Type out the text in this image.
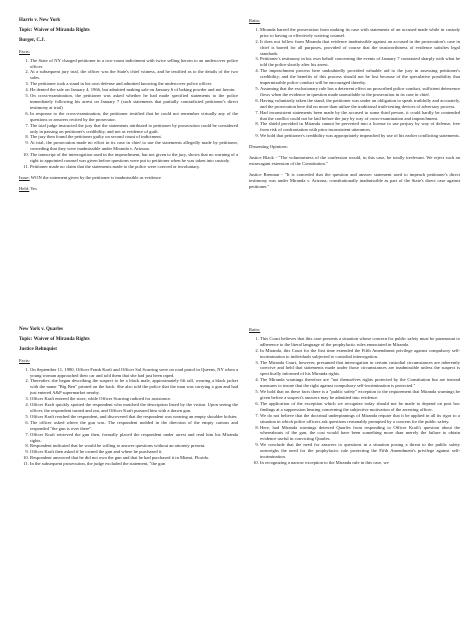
Harris v. New York
Topic: Waiver of Miranda Rights
Burger, C.J.
Facts:
1. The State of NY charged petitioner in a two-count indictment with twice selling heroin to an undercover police officer.
2. At a subsequent jury trial, the officer was the State's chief witness, and he testified as to the details of the two sales.
3. The petitioner took a stand in his own defense and admitted knowing the undercover police officer.
4. He denied the sale on January 4, 1966, but admitted making sale on January 6 of baking powder and not heroin.
5. On cross-examination, the petitioner was asked whether he had made specified statements to the police immediately following his arrest on January 7 (such statements that partially contradicted petitioner's direct testimony at trial)
6. In response to the cross-examination, the petitioner testified that he could not remember virtually any of the questions or answers recited by the prosecutor.
7. The trial judge instructed the jury that the statements attributed to petitioner by prosecution could be considered only in passing on petitioner's credibility, and not as evidence of guilt.
8. The jury then found the petitioner guilty on second count of indictment.
9. At trial, the prosecution made no effort in its case in chief to use the statements allegedly made by petitioner, conceding that they were inadmissible under Miranda v. Arizona.
10. The transcript of the interrogation used in the impeachment, but not given to the jury, shows that no warning of a right to appointed counsel was given before questions were put to petitioner when he was taken into custody.
11. Petitioner made no claim that the statements made to the police were coerced or involuntary.
Issue: WON the statement given by the petitioner is inadmissible as evidence
Held: Yes
Ratio:
1. Miranda barred the prosecution from making its case with statements of an accused made while in custody prior to having or effectively waiving counsel.
2. It does not follow from Miranda that evidence inadmissible against an accused in the prosecution's case in chief is barred for all purposes, provided of course that the trustworthiness of evidence satisfies legal standards.
3. Petitioner's testimony in his own behalf concerning the events of January 7 contrasted sharply with what he told the police shortly after his arrest.
4. The impeachment process here undoubtedly provided valuable aid to the jury in assessing petitioner's credibility, and the benefits of this process should not be lost because of the speculative possibility that impermissible police conduct will be encouraged thereby.
5. Assuming that the exclusionary rule has a deterrent effect on proscribed police conduct, sufficient deterrence flows when the evidence in question made unavailable to the prosecution in its case in chief.
6. Having voluntarily taken the stand, the petitioner was under an obligation to speak truthfully and accurately, and the prosecution here did no more than utilize the traditional truth-testing devices of adversary process.
7. Had inconsistent statements been made by the accused to some third person, it could hardly be contended that the conflict could not be laid before the jury by way of cross-examination and impeachment.
8. The shield provided in Miranda cannot be perverted into a license to use perjury by way of defense, free from risk of confrontation with prior inconsistent utterances.
9. We hold that petitioner's credibility was appropriately impeached by use of his earlier conflicting statements.
Dissenting Opinions:
Justice Black - "The voluntariness of the confession would, in this case, be totally irrelevant. We reject such an extravagant extension of the Constitution."
Justice Brennan - "It is conceded that the question and answer statement used to impeach petitioner's direct testimony was under Miranda v. Arizona, constitutionally inadmissible as part of the State's direct case against petitioner."
New York v. Quarles
Topic: Waiver of Miranda Rights
Justice Rehnquist
Facts:
1. On September 11, 1980, Officer Frank Kraft and Officer Sal Scarring were on road patrol in Queens, NY when a young woman approached their car and told them that she had just been raped.
2. Thereafter, she began describing the suspect to be a black male, approximately 6ft tall, wearing a black jacket with the name "Big Ben" printed on the back. She also told the police that the man was carrying a gun and had just entered A&P supermarket nearby.
3. Officer Kraft entered the store, while Officer Scarring radioed for assistance.
4. Officer Kraft quickly spotted the respondent who matched the description listed by the victim. Upon seeing the officer, the respondent turned and ran, and Officer Kraft pursued him with a drawn gun.
5. Officer Kraft reached the respondent, and discovered that the respondent was wearing an empty shoulder holster.
6. The officer asked where the gun was. The respondent nodded in the direction of the empty cartons and responded "the gun is over there".
7. Officer Kraft retrieved the gun then, formally placed the respondent under arrest and read him his Miranda rights.
8. Respondent indicated that he would be willing to answer questions without an attorney present.
9. Officer Kraft then asked if he owned the gun and where he purchased it.
10. Respondent answered that he did not own the gun and that he had purchased it in Miami, Florida.
11. In the subsequent prosecution, the judge excluded the statement, "the gun
Ratio:
1. This Court believes that this case presents a situation whose concern for public safety must be paramount to adherence to the literal language of the prophylactic rules enunciated in Miranda.
2. In Miranda, this Court for the first time extended the Fifth Amendment privilege against compulsory self-incrimination to individuals subjected to custodial interrogation.
3. The Miranda Court, however, presumed that interrogation in certain custodial circumstances are inherently coercive and held that statements made under those circumstances are inadmissible unless the suspect is specifically informed of his Miranda rights.
4. The Miranda warnings therefore are "not themselves rights protected by the Constitution but are instead measures to insure that the right against compulsory self-incrimination is protected."
5. We hold that on these facts there is a "public safety" exception to the requirement that Miranda warnings be given before a suspect's answers may be admitted into evidence.
6. The application of the exception which we recognize today should not be made to depend on post hoc findings at a suppression hearing concerning the subjective motivation of the arresting officer.
7. We do not believe that the doctrinal underpinnings of Miranda require that it be applied in all its rigor to a situation in which police officers ask questions reasonably prompted by a concern for the public safety.
8. Here, had Miranda warnings deterred Quarles from responding to Officer Kraft's question about the whereabouts of the gun, the cost would have been something more than merely the failure to obtain evidence useful in convicting Quarles.
9. We conclude that the need for answers to questions in a situation posing a threat to the public safety outweighs the need for the prophylactic rule protecting the Fifth Amendment's privilege against self-incrimination.
10. In recognizing a narrow exception to the Miranda rule in this case, we
